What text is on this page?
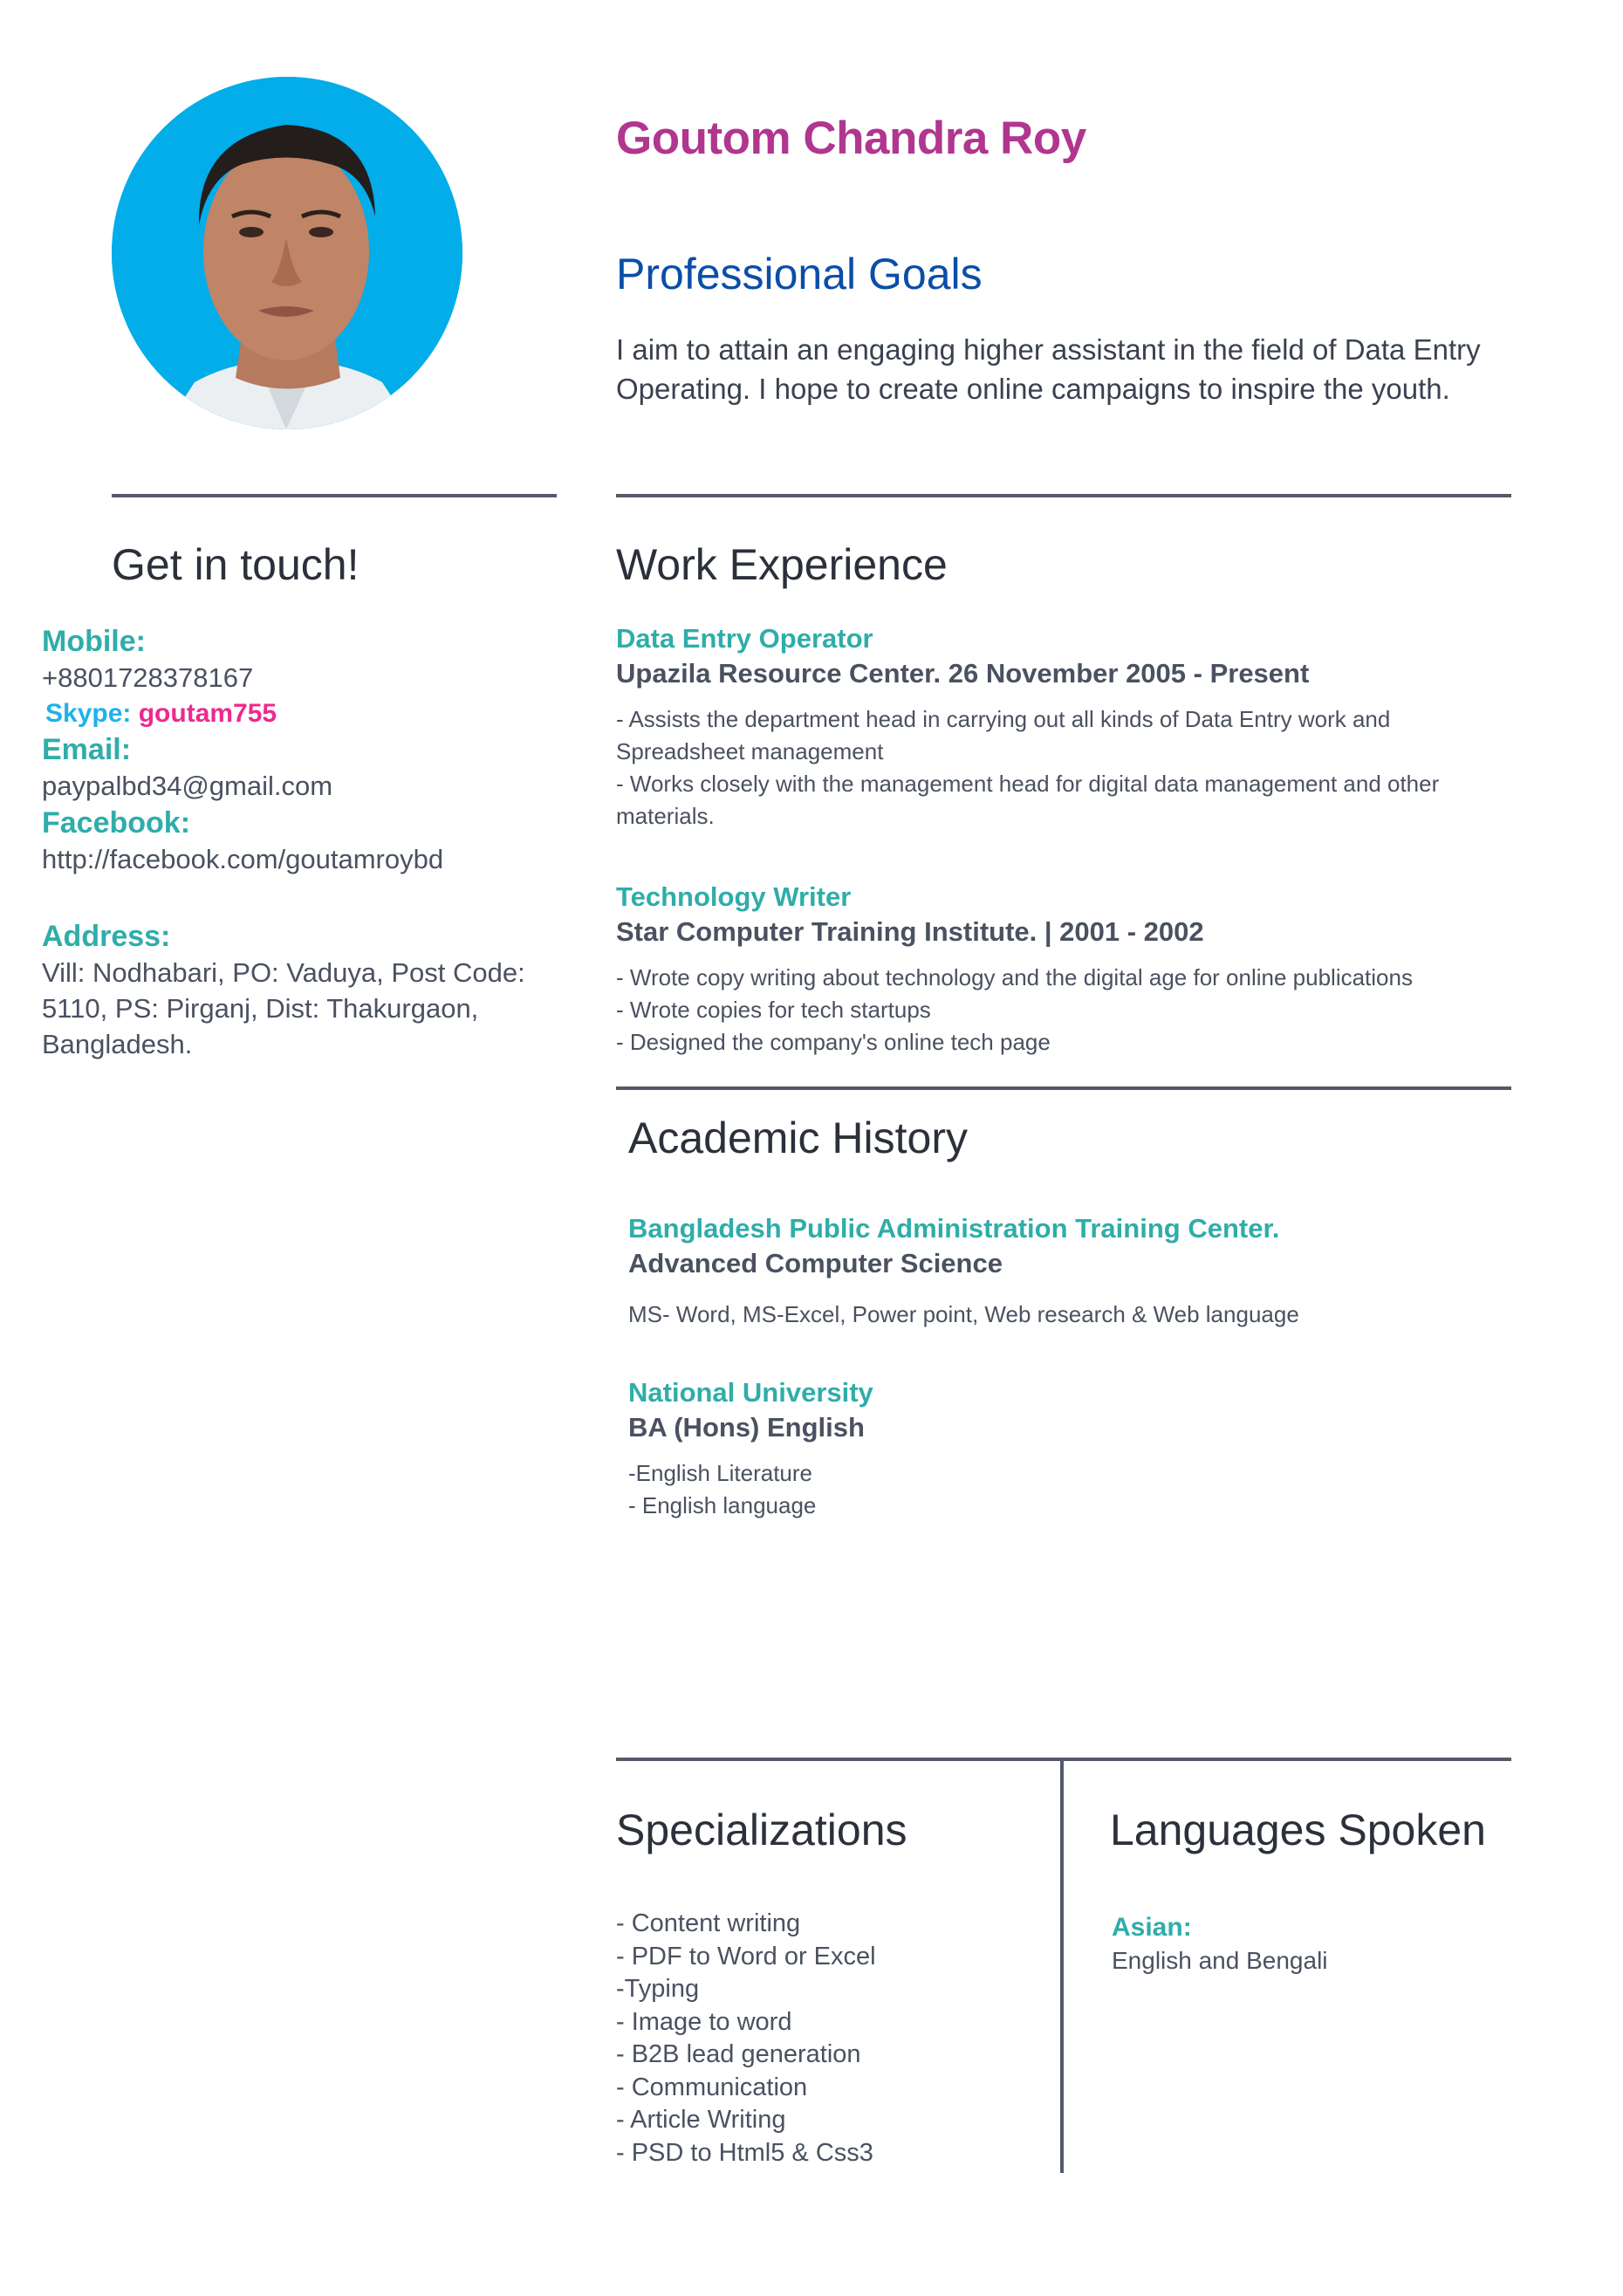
Goutom Chandra Roy
Professional Goals

I aim to attain an engaging higher assistant in the field of Data Entry Operating. I hope to create online campaigns to inspire the youth.

Get in touch!
Mobile:
+8801728378167
Skype: goutam755
Email:
paypalbd34@gmail.com
Facebook:
http://facebook.com/goutamroybd
Address:
Vill: Nodhabari, PO: Vaduya, Post Code: 5110, PS: Pirganj, Dist: Thakurgaon, Bangladesh.
Work Experience
Data Entry Operator
Upazila Resource Center. 26 November 2005 - Present
- Assists the department head in carrying out all kinds of Data Entry work and Spreadsheet management
- Works closely with the management head for digital data management and other materials.
Technology Writer
Star Computer Training Institute. | 2001 - 2002
- Wrote copy writing about technology and the digital age for online publications
- Wrote copies for tech startups
- Designed the company's online tech page
Academic History
Bangladesh Public Administration Training Center.
Advanced Computer Science
MS- Word, MS-Excel, Power point, Web research & Web language
National University
BA (Hons) English
-English Literature
- English language
Specializations
- Content writing
- PDF to Word or Excel
-Typing
- Image to word
- B2B lead generation
- Communication
- Article Writing
- PSD to Html5 & Css3
Languages Spoken
Asian:
English and Bengali
